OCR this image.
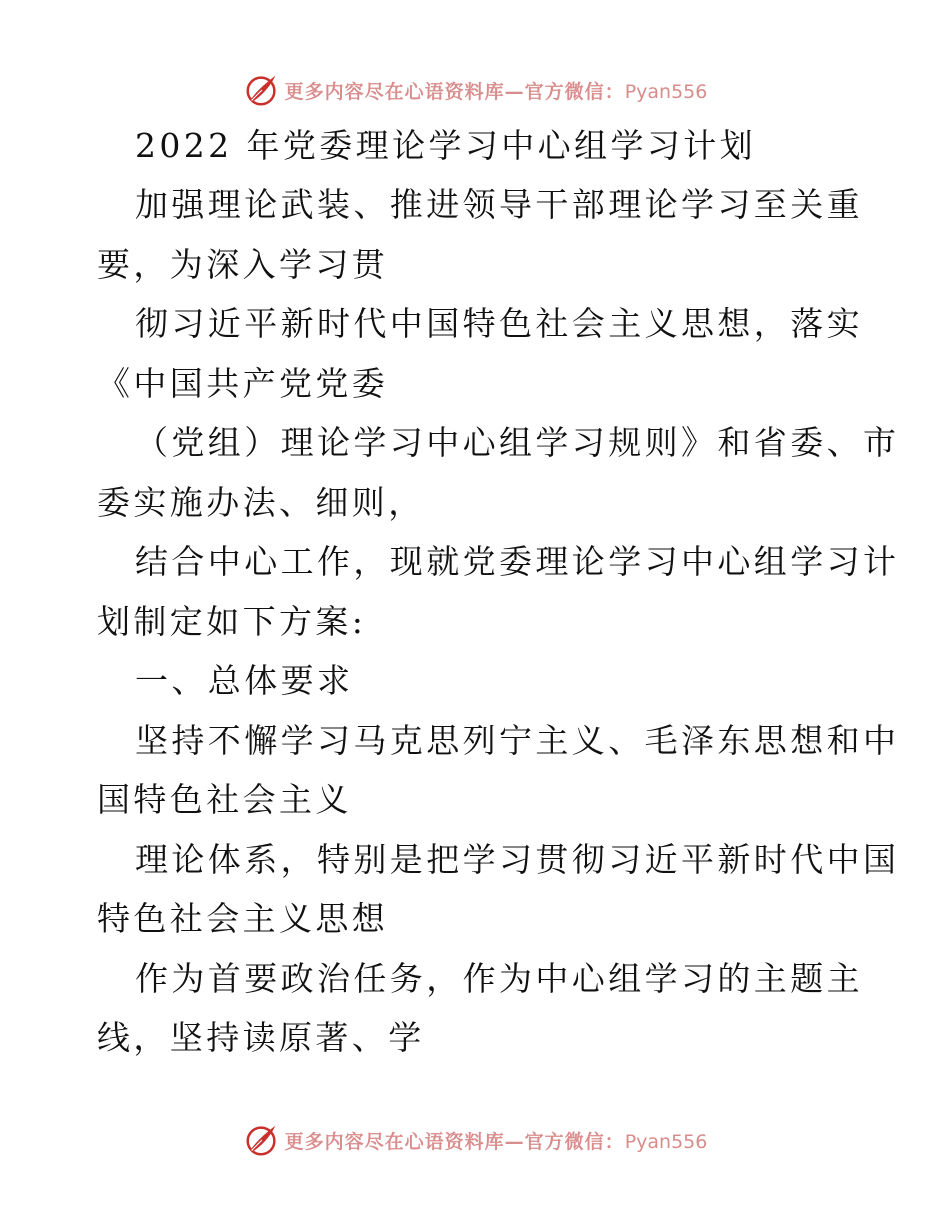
更多内容尽在心语资料库—官方微信：Pyan556
2022 年党委理论学习中心组学习计划
加强理论武装、推进领导干部理论学习至关重
要，为深入学习贯
彻习近平新时代中国特色社会主义思想，落实
《中国共产党党委
（党组）理论学习中心组学习规则》和省委、市
委实施办法、细则，
结合中心工作，现就党委理论学习中心组学习计
划制定如下方案:
一、总体要求
坚持不懈学习马克思列宁主义、毛泽东思想和中
国特色社会主义
理论体系，特别是把学习贯彻习近平新时代中国
特色社会主义思想
作为首要政治任务，作为中心组学习的主题主
线，坚持读原著、学
更多内容尽在心语资料库—官方微信：Pyan556
